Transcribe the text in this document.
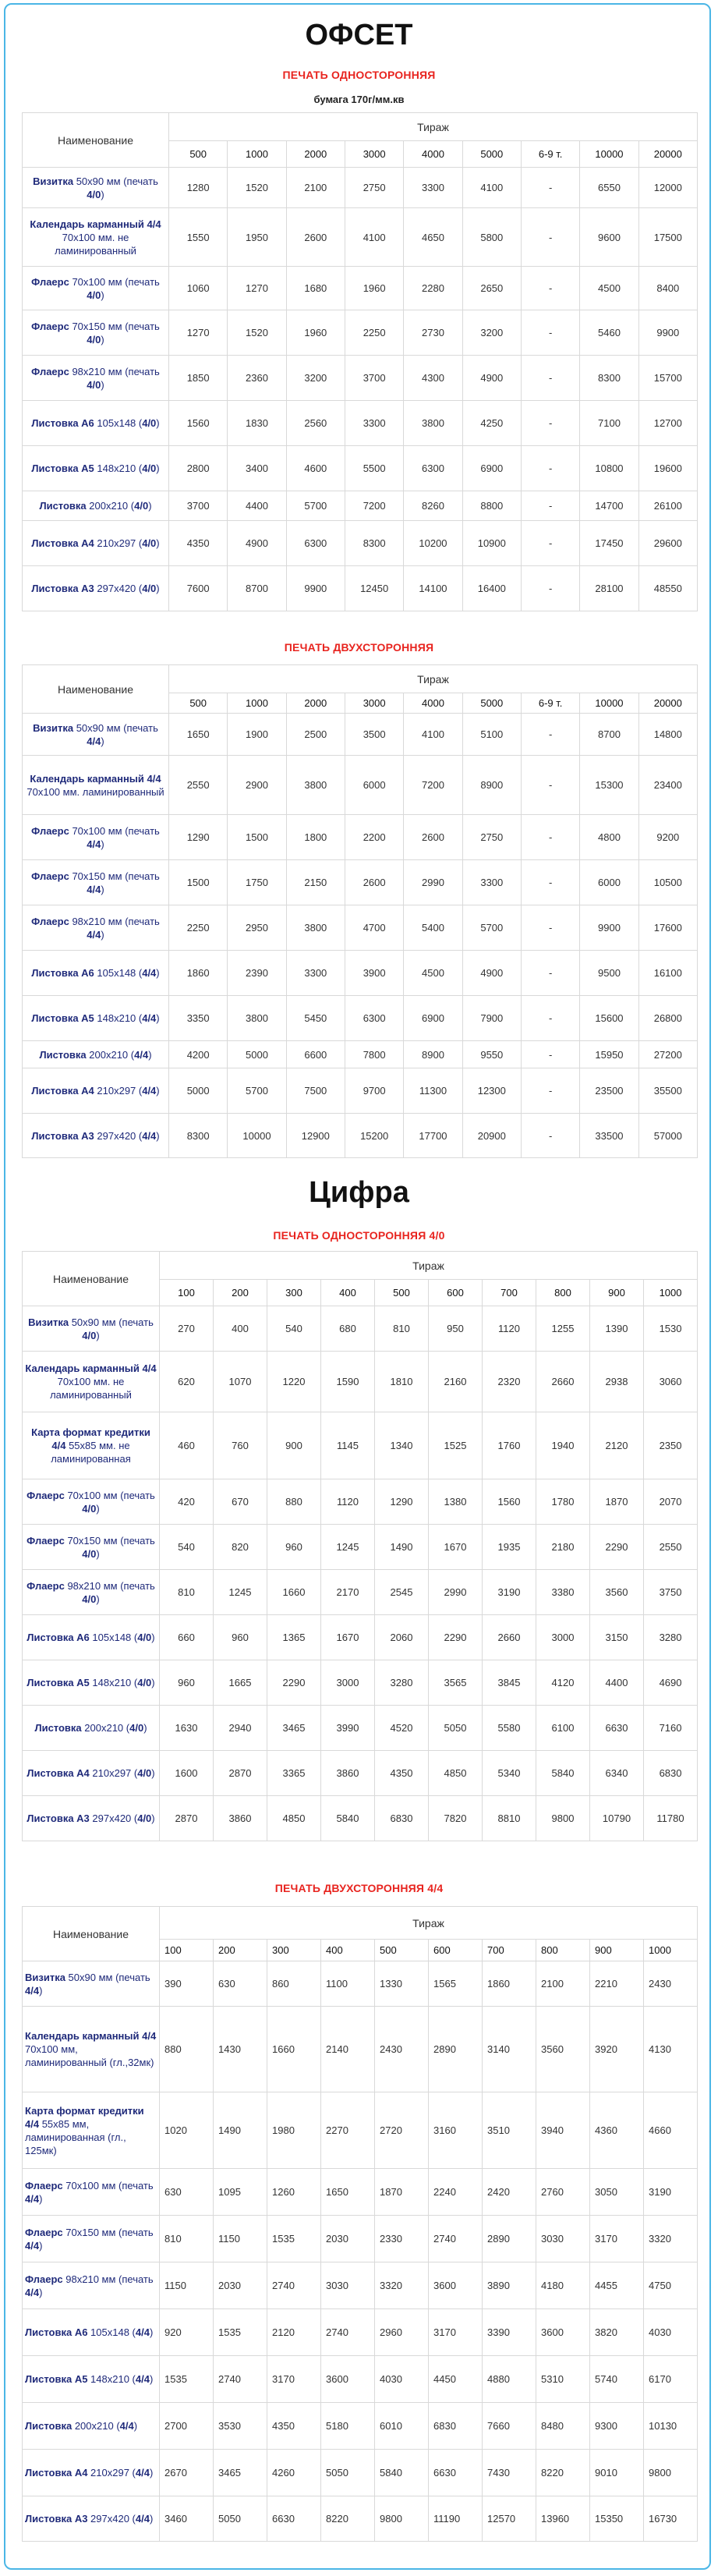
ОФСЕТ
ПЕЧАТЬ ОДНОСТОРОННЯЯ
бумага 170г/мм.кв
Наименование	Тираж								
	500	1000	2000	3000	4000	5000	6-9 т.	10000	20000
Визитка 50х90 мм (печать 4/0)	1280	1520	2100	2750	3300	4100	-	6550	12000
Календарь карманный 4/4 70х100 мм. не ламинированный	1550	1950	2600	4100	4650	5800	-	9600	17500
Флаерс 70х100 мм (печать 4/0)	1060	1270	1680	1960	2280	2650	-	4500	8400
Флаерс 70х150 мм (печать 4/0)	1270	1520	1960	2250	2730	3200	-	5460	9900
Флаерс 98х210 мм (печать 4/0)	1850	2360	3200	3700	4300	4900	-	8300	15700
Листовка А6 105х148 (4/0)	1560	1830	2560	3300	3800	4250	-	7100	12700
Листовка А5 148х210 (4/0)	2800	3400	4600	5500	6300	6900	-	10800	19600
Листовка 200х210 (4/0)	3700	4400	5700	7200	8260	8800	-	14700	26100
Листовка А4 210х297 (4/0)	4350	4900	6300	8300	10200	10900	-	17450	29600
Листовка А3 297х420 (4/0)	7600	8700	9900	12450	14100	16400	-	28100	48550
ПЕЧАТЬ ДВУХСТОРОННЯЯ
Наименование	Тираж								
	500	1000	2000	3000	4000	5000	6-9 т.	10000	20000
Визитка 50х90 мм (печать 4/4)	1650	1900	2500	3500	4100	5100	-	8700	14800
Календарь карманный 4/4 70х100 мм. ламинированный	2550	2900	3800	6000	7200	8900	-	15300	23400
Флаерс 70х100 мм (печать 4/4)	1290	1500	1800	2200	2600	2750	-	4800	9200
Флаерс 70х150 мм (печать 4/4)	1500	1750	2150	2600	2990	3300	-	6000	10500
Флаерс 98х210 мм (печать 4/4)	2250	2950	3800	4700	5400	5700	-	9900	17600
Листовка А6 105х148 (4/4)	1860	2390	3300	3900	4500	4900	-	9500	16100
Листовка А5 148х210 (4/4)	3350	3800	5450	6300	6900	7900	-	15600	26800
Листовка 200х210 (4/4)	4200	5000	6600	7800	8900	9550	-	15950	27200
Листовка А4 210х297 (4/4)	5000	5700	7500	9700	11300	12300	-	23500	35500
Листовка А3 297х420 (4/4)	8300	10000	12900	15200	17700	20900	-	33500	57000
Цифра
ПЕЧАТЬ ОДНОСТОРОННЯЯ 4/0
Наименование	Тираж									
	100	200	300	400	500	600	700	800	900	1000
Визитка 50х90 мм (печать 4/0)	270	400	540	680	810	950	1120	1255	1390	1530
Календарь карманный 4/4 70х100 мм. не ламинированный	620	1070	1220	1590	1810	2160	2320	2660	2938	3060
Карта формат кредитки 4/4 55х85 мм. не ламинированная	460	760	900	1145	1340	1525	1760	1940	2120	2350
Флаерс 70х100 мм (печать 4/0)	420	670	880	1120	1290	1380	1560	1780	1870	2070
Флаерс 70х150 мм (печать 4/0)	540	820	960	1245	1490	1670	1935	2180	2290	2550
Флаерс 98х210 мм (печать 4/0)	810	1245	1660	2170	2545	2990	3190	3380	3560	3750
Листовка А6 105х148 (4/0)	660	960	1365	1670	2060	2290	2660	3000	3150	3280
Листовка А5 148х210 (4/0)	960	1665	2290	3000	3280	3565	3845	4120	4400	4690
Листовка 200х210 (4/0)	1630	2940	3465	3990	4520	5050	5580	6100	6630	7160
Листовка А4 210х297 (4/0)	1600	2870	3365	3860	4350	4850	5340	5840	6340	6830
Листовка А3 297х420 (4/0)	2870	3860	4850	5840	6830	7820	8810	9800	10790	11780
ПЕЧАТЬ ДВУХСТОРОННЯЯ 4/4
Наименование	Тираж									
	100	200	300	400	500	600	700	800	900	1000
Визитка 50х90 мм (печать 4/4)	390	630	860	1100	1330	1565	1860	2100	2210	2430
Календарь карманный 4/4 70х100 мм, ламинированный (гл.,32мк)	880	1430	1660	2140	2430	2890	3140	3560	3920	4130
Карта формат кредитки 4/4 55х85 мм, ламинированная (гл., 125мк)	1020	1490	1980	2270	2720	3160	3510	3940	4360	4660
Флаерс 70х100 мм (печать 4/4)	630	1095	1260	1650	1870	2240	2420	2760	3050	3190
Флаерс 70х150 мм (печать 4/4)	810	1150	1535	2030	2330	2740	2890	3030	3170	3320
Флаерс 98х210 мм (печать 4/4)	1150	2030	2740	3030	3320	3600	3890	4180	4455	4750
Листовка А6 105х148 (4/4)	920	1535	2120	2740	2960	3170	3390	3600	3820	4030
Листовка А5 148х210 (4/4)	1535	2740	3170	3600	4030	4450	4880	5310	5740	6170
Листовка 200х210 (4/4)	2700	3530	4350	5180	6010	6830	7660	8480	9300	10130
Листовка А4 210х297 (4/4)	2670	3465	4260	5050	5840	6630	7430	8220	9010	9800
Листовка А3 297х420 (4/4)	3460	5050	6630	8220	9800	11190	12570	13960	15350	16730
